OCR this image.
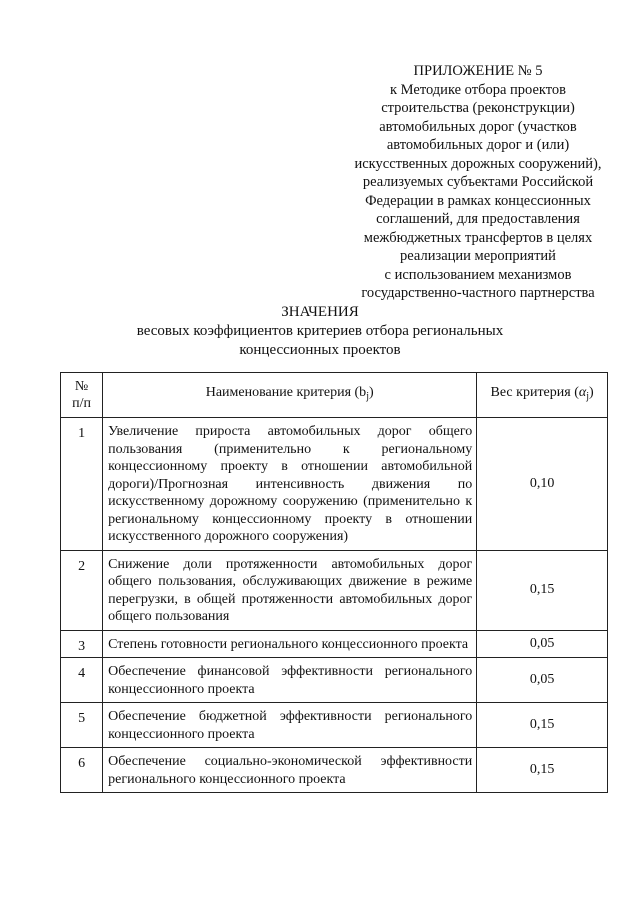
ПРИЛОЖЕНИЕ № 5
к Методике отбора проектов
строительства (реконструкции)
автомобильных дорог (участков
автомобильных дорог и (или)
искусственных дорожных сооружений),
реализуемых субъектами Российской
Федерации в рамках концессионных
соглашений, для предоставления
межбюджетных трансфертов в целях
реализации мероприятий
с использованием механизмов
государственно-частного партнерства
ЗНАЧЕНИЯ
весовых коэффициентов критериев отбора региональных
концессионных проектов
№
п/п	Наименование критерия $(b_j)$	Вес критерия $(\alpha_j)$
1	Увеличение прироста автомобильных дорог общего пользования (применительно к региональному концессионному проекту в отношении автомобильной дороги)/Прогнозная интенсивность движения по искусственному дорожному сооружению (применительно к региональному концессионному проекту в отношении искусственного дорожного сооружения)	0,10
2	Снижение доли протяженности автомобильных дорог общего пользования, обслуживающих движение в режиме перегрузки, в общей протяженности автомобильных дорог общего пользования	0,15
3	Степень готовности регионального концессионного проекта	0,05
4	Обеспечение финансовой эффективности регионального концессионного проекта	0,05
5	Обеспечение бюджетной эффективности регионального концессионного проекта	0,15
6	Обеспечение социально-экономической эффективности регионального концессионного проекта	0,15
